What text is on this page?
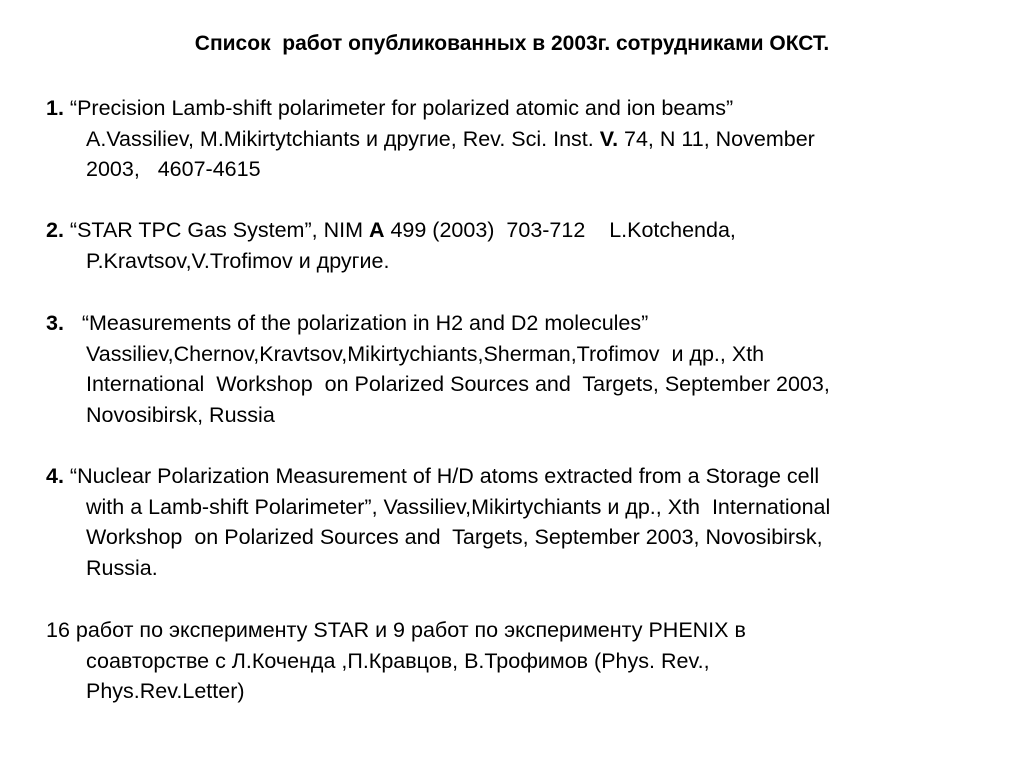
Список  работ опубликованных в 2003г. сотрудниками ОКСТ.
1. “Precision Lamb-shift polarimeter for polarized atomic and ion beams”
A.Vassiliev, M.Mikirtytchiants и другие, Rev. Sci. Inst. V. 74, N 11, November
2003,   4607-4615
2. “STAR TPC Gas System”, NIM A 499 (2003)  703-712    L.Kotchenda,
P.Kravtsov,V.Trofimov и другие.
3.   “Measurements of the polarization in H2 and D2 molecules”
Vassiliev,Chernov,Kravtsov,Mikirtychiants,Sherman,Trofimov  и др., Xth
International  Workshop  on Polarized Sources and  Targets, September 2003,
Novosibirsk, Russia
4. “Nuclear Polarization Measurement of H/D atoms extracted from a Storage cell
with a Lamb-shift Polarimeter”, Vassiliev,Mikirtychiants и др., Xth  International
Workshop  on Polarized Sources and  Targets, September 2003, Novosibirsk,
Russia.
16 работ по эксперименту STAR и 9 работ по эксперименту PHENIX в
соавторстве с Л.Коченда ,П.Кравцов, В.Трофимов (Phys. Rev.,
Phys.Rev.Letter)
